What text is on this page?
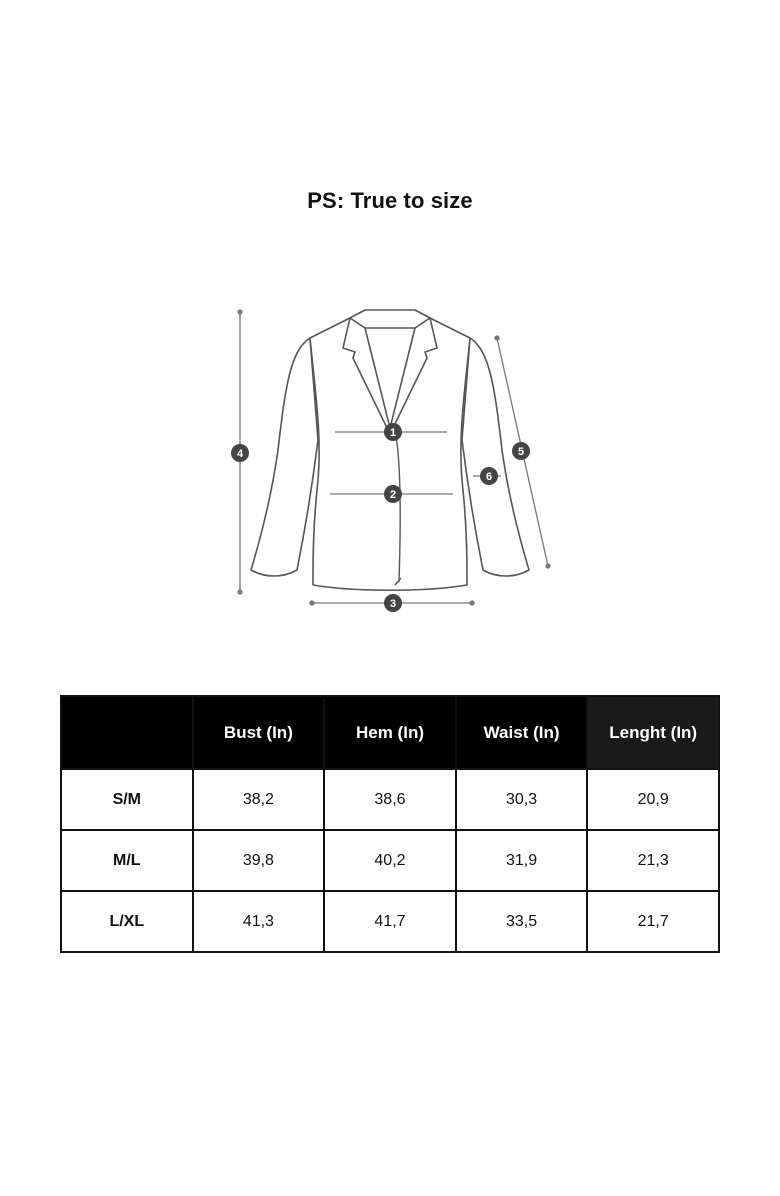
PS: True to size
1
2
3
4	5
6
	Bust (In)	Hem (In)	Waist (In)	Lenght (In)
S/M	38,2	38,6	30,3	20,9
M/L	39,8	40,2	31,9	21,3
L/XL	41,3	41,7	33,5	21,7
